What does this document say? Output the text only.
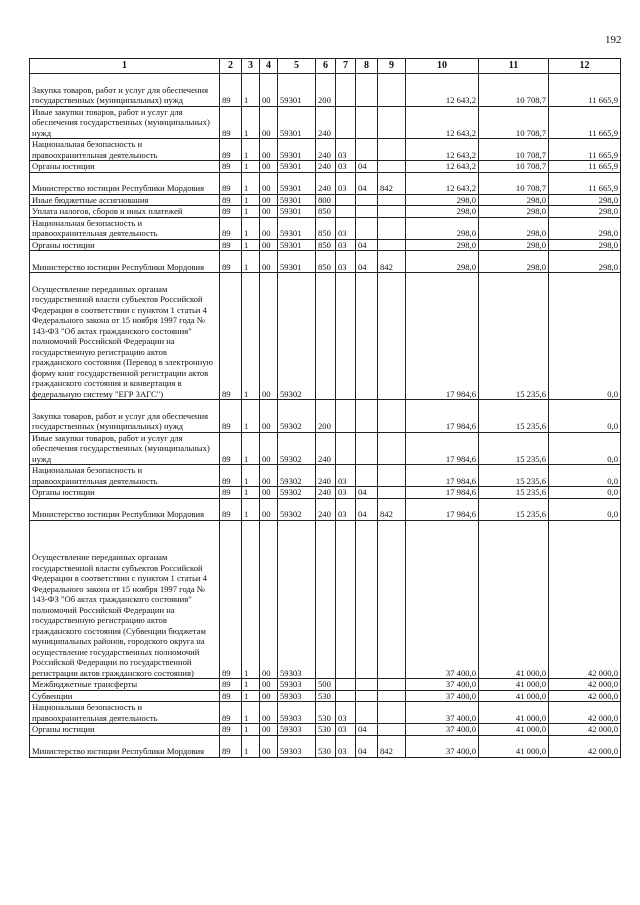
192
1	2	3	4	5	6	7	8	9	10	11	12
Закупка товаров, работ и услуг для обеспечения государственных (муниципальных) нужд	89	1	00	59301	200				12 643,2	10 708,7	11 665,9
Иные закупки товаров, работ и услуг для обеспечения государственных (муниципальных) нужд	89	1	00	59301	240				12 643,2	10 708,7	11 665,9
Национальная безопасность и правоохранительная деятельность	89	1	00	59301	240	03			12 643,2	10 708,7	11 665,9
Органы юстиции	89	1	00	59301	240	03	04		12 643,2	10 708,7	11 665,9
Министерство юстиции Республики Мордовия	89	1	00	59301	240	03	04	842	12 643,2	10 708,7	11 665,9
Иные бюджетные ассигнования	89	1	00	59301	800				298,0	298,0	298,0
Уплата налогов, сборов и иных платежей	89	1	00	59301	850				298,0	298,0	298,0
Национальная безопасность и правоохранительная деятельность	89	1	00	59301	850	03			298,0	298,0	298,0
Органы юстиции	89	1	00	59301	850	03	04		298,0	298,0	298,0
Министерство юстиции Республики Мордовия	89	1	00	59301	850	03	04	842	298,0	298,0	298,0
Осуществление переданных органам государственной власти субъектов Российской Федерации в соответствии с пунктом 1 статьи 4 Федерального закона от 15 ноября 1997 года № 143-ФЗ "Об актах гражданского состояния" полномочий Российской Федерации на государственную регистрацию актов гражданского состояния (Перевод в электронную форму книг государственной регистрации актов гражданского состояния и конвертация в федеральную систему "ЕГР ЗАГС")	89	1	00	59302					17 984,6	15 235,6	0,0
Закупка товаров, работ и услуг для обеспечения государственных (муниципальных) нужд	89	1	00	59302	200				17 984,6	15 235,6	0,0
Иные закупки товаров, работ и услуг для обеспечения государственных (муниципальных) нужд	89	1	00	59302	240				17 984,6	15 235,6	0,0
Национальная безопасность и правоохранительная деятельность	89	1	00	59302	240	03			17 984,6	15 235,6	0,0
Органы юстиции	89	1	00	59302	240	03	04		17 984,6	15 235,6	0,0
Министерство юстиции Республики Мордовия	89	1	00	59302	240	03	04	842	17 984,6	15 235,6	0,0
Осуществление переданных органам государственной власти субъектов Российской Федерации в соответствии с пунктом 1 статьи 4 Федерального закона от 15 ноября 1997 года № 143-ФЗ "Об актах гражданского состояния" полномочий Российской Федерации на государственную регистрацию актов гражданского состояния (Субвенции бюджетам муниципальных районов, городского округа на осуществление государственных полномочий Российской Федерации по государственной регистрации актов гражданского состояния)	89	1	00	59303					37 400,0	41 000,0	42 000,0
Межбюджетные трансферты	89	1	00	59303	500				37 400,0	41 000,0	42 000,0
Субвенции	89	1	00	59303	530				37 400,0	41 000,0	42 000,0
Национальная безопасность и правоохранительная деятельность	89	1	00	59303	530	03			37 400,0	41 000,0	42 000,0
Органы юстиции	89	1	00	59303	530	03	04		37 400,0	41 000,0	42 000,0
Министерство юстиции Республики Мордовия	89	1	00	59303	530	03	04	842	37 400,0	41 000,0	42 000,0
